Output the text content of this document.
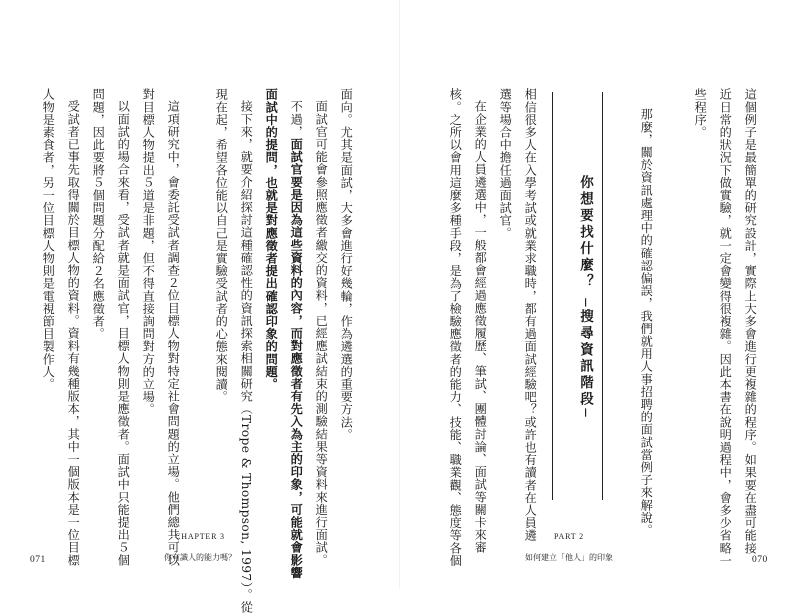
這個例子是最簡單的研究設計，實際上大多會進行更複雜的程序。如果要在盡可能接
近日常的狀況下做實驗，就一定會變得很複雜。因此本書在說明過程中，會多少省略一
些程序。
那麼，關於資訊處理中的確認偏誤，我們就用人事招聘的面試當例子來解說。
你想要找什麼？ ─搜尋資訊階段─
相信很多人在入學考試或就業求職時，都有過面試經驗吧？或許也有讀者在人員遴
選等場合中擔任過面試官。
在企業的人員遴選中，一般都會經過應徵履歷、筆試、團體討論、面試等關卡來審
核。之所以會用這麼多種手段，是為了檢驗應徵者的能力、技能、職業觀、態度等各個	PART 2
如何建立「他人」的印象	070
面向。尤其是面試，大多會進行好幾輪，作為遴選的重要方法。
面試官可能會參照應徵者繳交的資料，已經應試結束的測驗結果等資料來進行面試。
不過，面試官要是因為這些資料的內容，而對應徵者有先入為主的印象，可能就會影響
面試中的提問，也就是對應徵者提出確認印象的問題。
接下來，就要介紹探討這種確認性的資訊探索相關研究（Trope & Thompson, 1997）。從
現在起，希望各位能以自己是實驗受試者的心態來閱讀。
這項研究中，會委託受試者調查２位目標人物對特定社會問題的立場。他們總共可以
對目標人物提出５道是非題，但不得直接詢問對方的立場。
以面試的場合來看，受試者就是面試官，目標人物則是應徵者。面試中只能提出５個
問題，因此要將５個問題分配給２名應徵者。
受試者已事先取得關於目標人物的資料。資料有幾種版本，其中一個版本是一位目標
人物是素食者，另一位目標人物則是電視節目製作人。
CHAPTER 3
你有識人的能力嗎？
071
